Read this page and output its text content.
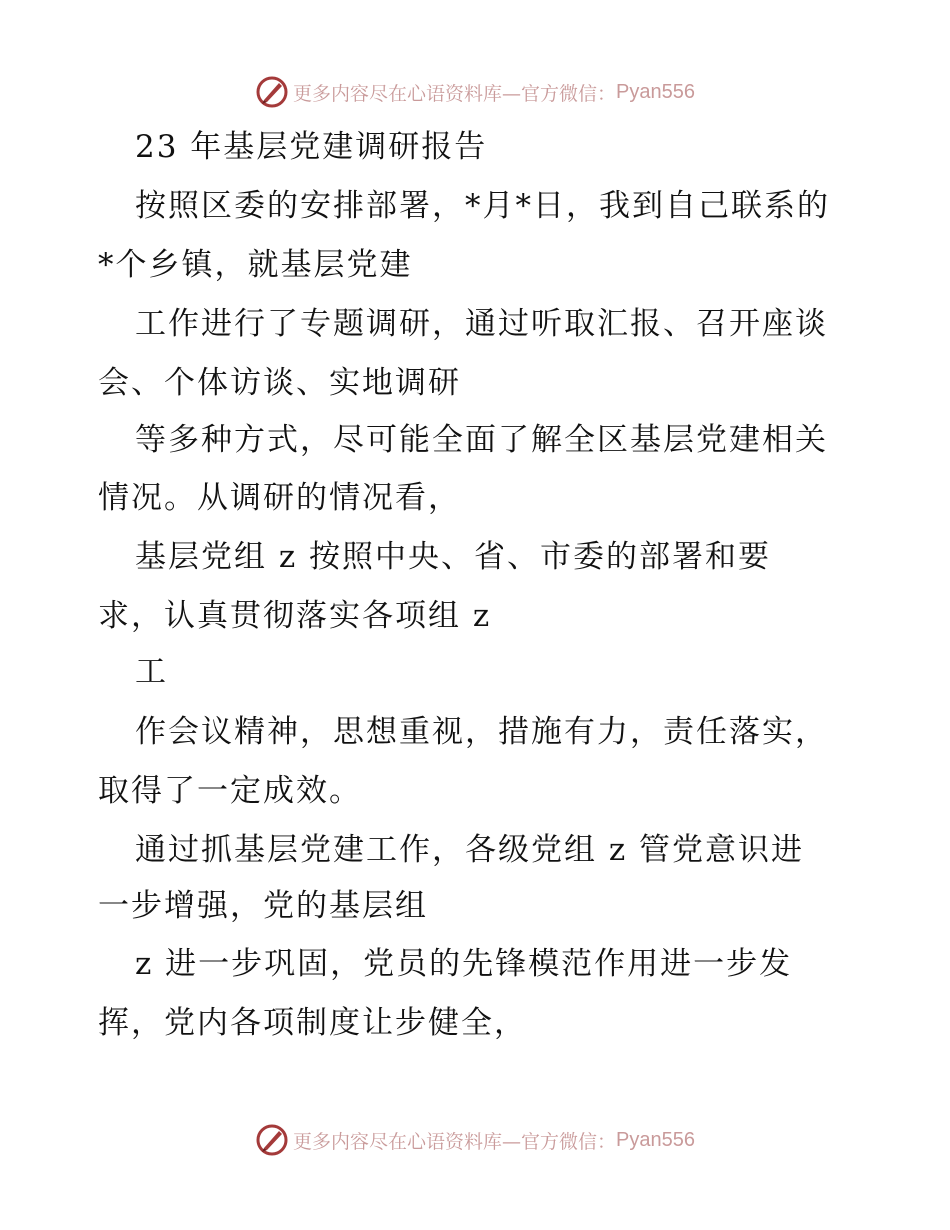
更多内容尽在心语资料库—官方微信： Pyan556
23 年基层党建调研报告
按照区委的安排部署，*月*日，我到自己联系的
*个乡镇，就基层党建
工作进行了专题调研，通过听取汇报、召开座谈
会、个体访谈、实地调研
等多种方式，尽可能全面了解全区基层党建相关
情况。从调研的情况看，
基层党组 z 按照中央、省、市委的部署和要
求，认真贯彻落实各项组 z
工
作会议精神，思想重视，措施有力，责任落实，
取得了一定成效。
通过抓基层党建工作，各级党组 z 管党意识进
一步增强，党的基层组
z 进一步巩固，党员的先锋模范作用进一步发
挥，党内各项制度让步健全，
更多内容尽在心语资料库—官方微信： Pyan556
